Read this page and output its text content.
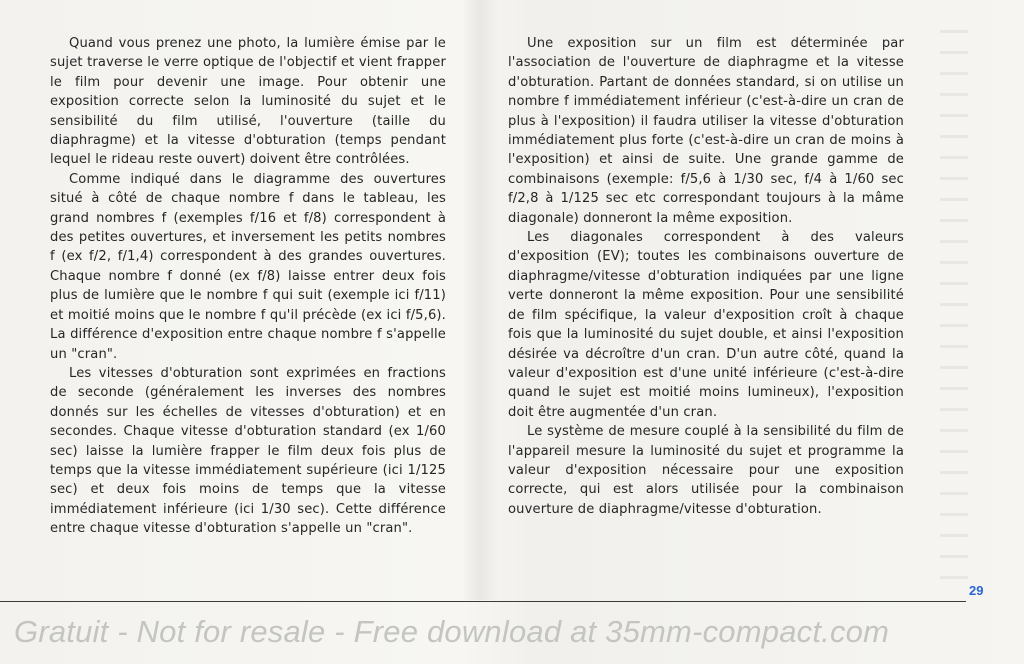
Quand vous prenez une photo, la lumière émise par le sujet traverse le verre optique de l'objectif et vient frapper le film pour devenir une image. Pour obtenir une exposition correcte selon la luminosité du sujet et le sensibilité du film utilisé, l'ouverture (taille du diaphragme) et la vitesse d'obturation (temps pendant lequel le rideau reste ouvert) doivent être contrôlées.

Comme indiqué dans le diagramme des ouvertures situé à côté de chaque nombre f dans le tableau, les grand nombres f (exemples f/16 et f/8) correspondent à des petites ouvertures, et inversement les petits nombres f (ex f/2, f/1,4) correspondent à des grandes ouvertures. Chaque nombre f donné (ex f/8) laisse entrer deux fois plus de lumière que le nombre f qui suit (exemple ici f/11) et moitié moins que le nombre f qu'il précède (ex ici f/5,6). La différence d'exposition entre chaque nombre f s'appelle un "cran".

Les vitesses d'obturation sont exprimées en fractions de seconde (généralement les inverses des nombres donnés sur les échelles de vitesses d'obturation) et en secondes. Chaque vitesse d'obturation standard (ex 1/60 sec) laisse la lumière frapper le film deux fois plus de temps que la vitesse immédiatement supérieure (ici 1/125 sec) et deux fois moins de temps que la vitesse immédiatement inférieure (ici 1/30 sec). Cette différence entre chaque vitesse d'obturation s'appelle un "cran".

Une exposition sur un film est déterminée par l'association de l'ouverture de diaphragme et la vitesse d'obturation. Partant de données standard, si on utilise un nombre f immédiatement inférieur (c'est-à-dire un cran de plus à l'exposition) il faudra utiliser la vitesse d'obturation immédiatement plus forte (c'est-à-dire un cran de moins à l'exposition) et ainsi de suite. Une grande gamme de combinaisons (exemple: f/5,6 à 1/30 sec, f/4 à 1/60 sec f/2,8 à 1/125 sec etc correspondant toujours à la mâme diagonale) donneront la même exposition.

Les diagonales correspondent à des valeurs d'exposition (EV); toutes les combinaisons ouverture de diaphragme/vitesse d'obturation indiquées par une ligne verte donneront la même exposition. Pour une sensibilité de film spécifique, la valeur d'exposition croît à chaque fois que la luminosité du sujet double, et ainsi l'exposition désirée va décroître d'un cran. D'un autre côté, quand la valeur d'exposition est d'une unité inférieure (c'est-à-dire quand le sujet est moitié moins lumineux), l'exposition doit être augmentée d'un cran.

Le système de mesure couplé à la sensibilité du film de l'appareil mesure la luminosité du sujet et programme la valeur d'exposition nécessaire pour une exposition correcte, qui est alors utilisée pour la combinaison ouverture de diaphragme/vitesse d'obturation.

29
Gratuit - Not for resale - Free download at 35mm-compact.com
